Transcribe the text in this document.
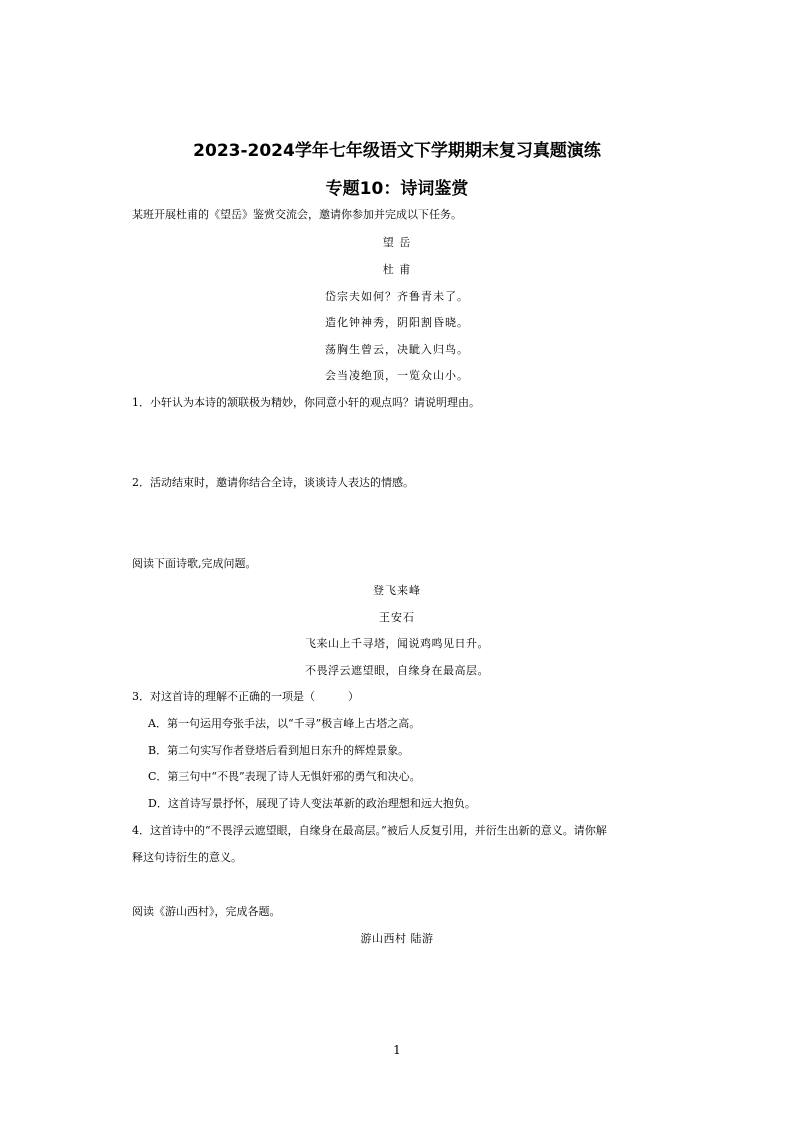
2023-2024学年七年级语文下学期期末复习真题演练
专题10：诗词鉴赏
某班开展杜甫的《望岳》鉴赏交流会，邀请你参加并完成以下任务。
望 岳
杜 甫
岱宗夫如何？齐鲁青未了。
造化钟神秀，阴阳割昏晓。
荡胸生曾云，决眦入归鸟。
会当凌绝顶，一览众山小。
1．小轩认为本诗的颔联极为精妙，你同意小轩的观点吗？请说明理由。
2．活动结束时，邀请你结合全诗，谈谈诗人表达的情感。
阅读下面诗歌,完成问题。
登飞来峰
王安石
飞来山上千寻塔，闻说鸡鸣见日升。
不畏浮云遮望眼，自缘身在最高层。
3．对这首诗的理解不正确的一项是（　　　）
A．第一句运用夸张手法，以“千寻”极言峰上古塔之高。
B．第二句实写作者登塔后看到旭日东升的辉煌景象。
C．第三句中“不畏”表现了诗人无惧奸邪的勇气和决心。
D．这首诗写景抒怀，展现了诗人变法革新的政治理想和远大抱负。
4．这首诗中的“不畏浮云遮望眼，自缘身在最高层。”被后人反复引用，并衍生出新的意义。请你解
释这句诗衍生的意义。
阅读《游山西村》，完成各题。
游山西村 陆游
1
